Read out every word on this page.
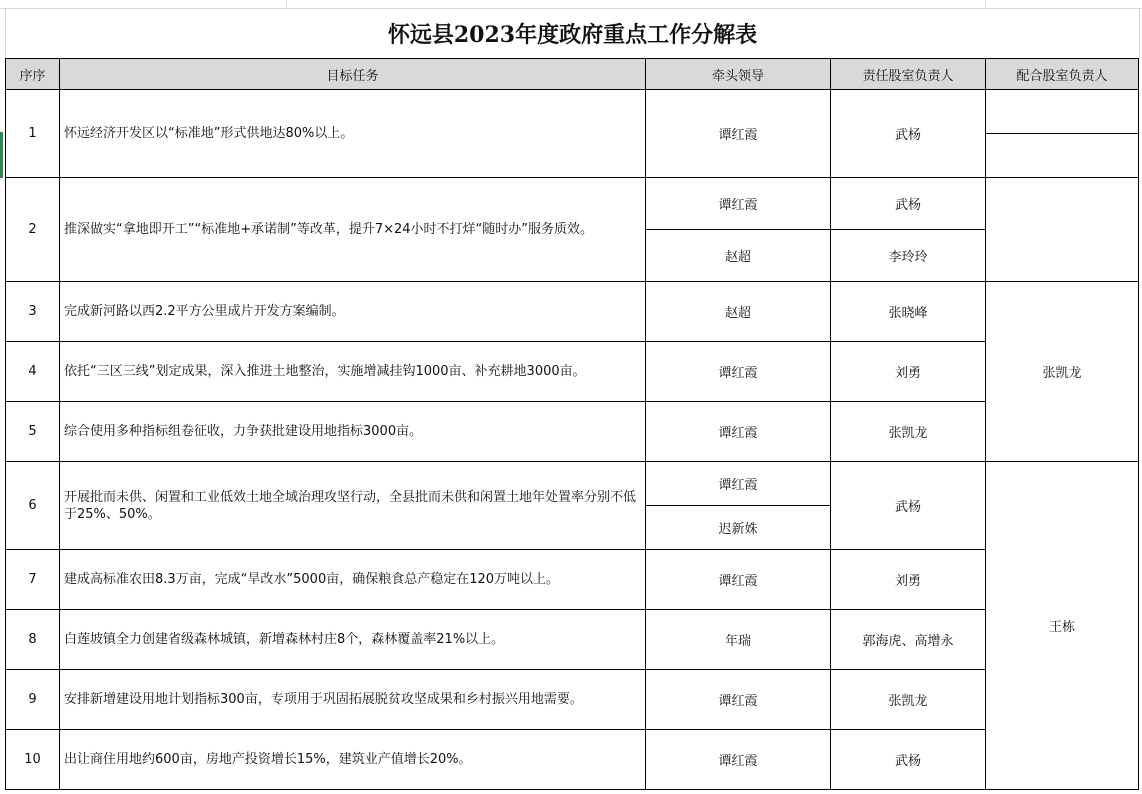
怀远县2023年度政府重点工作分解表
序序	目标任务	牵头领导	责任股室负责人	配合股室负责人
1	怀远经济开发区以“标准地”形式供地达80%以上。	谭红霞	武杨	

2	推深做实“拿地即开工”“标准地+承诺制”等改革，提升7×24小时不打烊“随时办”服务质效。	谭红霞	武杨	
		赵超	李玲玲	
3	完成新河路以西2.2平方公里成片开发方案编制。	赵超	张晓峰	张凯龙
4	依托“三区三线”划定成果，深入推进土地整治，实施增减挂钩1000亩、补充耕地3000亩。	谭红霞	刘勇	
5	综合使用多种指标组卷征收，力争获批建设用地指标3000亩。	谭红霞	张凯龙	
6	开展批而未供、闲置和工业低效土地全域治理攻坚行动，全县批而未供和闲置土地年处置率分别不低于25%、50%。	谭红霞	武杨	王栋
		迟新姝		
7	建成高标准农田8.3万亩，完成“旱改水”5000亩，确保粮食总产稳定在120万吨以上。	谭红霞	刘勇	
8	白莲坡镇全力创建省级森林城镇，新增森林村庄8个，森林覆盖率21%以上。	年瑞	郭海虎、高增永	
9	安排新增建设用地计划指标300亩，专项用于巩固拓展脱贫攻坚成果和乡村振兴用地需要。	谭红霞	张凯龙	
10	出让商住用地约600亩，房地产投资增长15%，建筑业产值增长20%。	谭红霞	武杨	
